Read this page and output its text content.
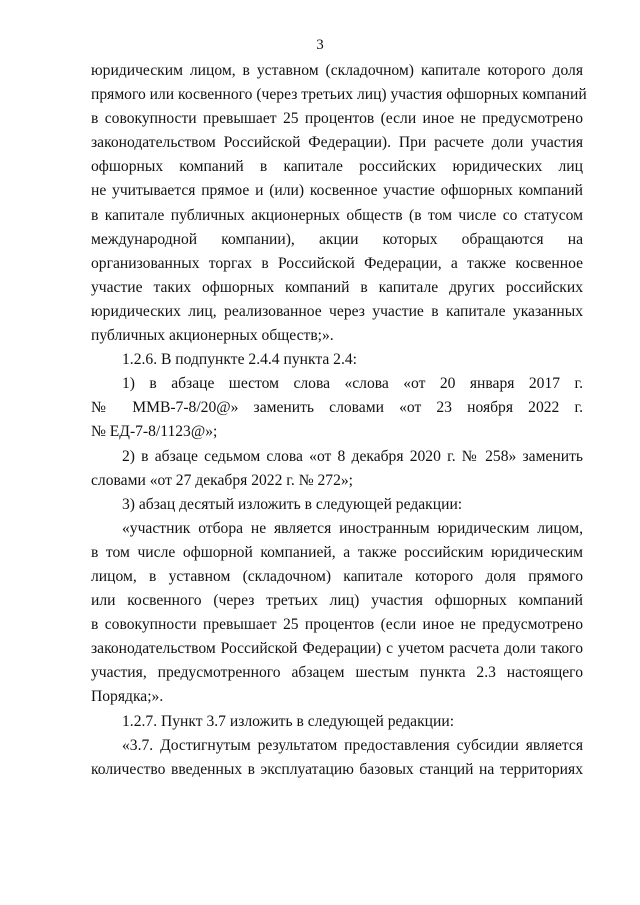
3

юридическим лицом, в уставном (складочном) капитале которого доля

прямого или косвенного (через третьих лиц) участия офшорных компаний

в совокупности превышает 25 процентов (если иное не предусмотрено

законодательством Российской Федерации). При расчете доли участия

офшорных компаний в капитале российских юридических лиц

не учитывается прямое и (или) косвенное участие офшорных компаний

в капитале публичных акционерных обществ (в том числе со статусом

международной компании), акции которых обращаются на

организованных торгах в Российской Федерации, а также косвенное

участие таких офшорных компаний в капитале других российских

юридических лиц, реализованное через участие в капитале указанных

публичных акционерных обществ;».

1.2.6. В подпункте 2.4.4 пункта 2.4:

1) в абзаце шестом слова «слова «от 20 января 2017 г.

№ ММВ-7-8/20@» заменить словами «от 23 ноября 2022 г.

№ ЕД-7-8/1123@»;

2) в абзаце седьмом слова «от 8 декабря 2020 г. № 258» заменить

словами «от 27 декабря 2022 г. № 272»;

3) абзац десятый изложить в следующей редакции:

«участник отбора не является иностранным юридическим лицом,

в том числе офшорной компанией, а также российским юридическим

лицом, в уставном (складочном) капитале которого доля прямого

или косвенного (через третьих лиц) участия офшорных компаний

в совокупности превышает 25 процентов (если иное не предусмотрено

законодательством Российской Федерации) с учетом расчета доли такого

участия, предусмотренного абзацем шестым пункта 2.3 настоящего

Порядка;».

1.2.7. Пункт 3.7 изложить в следующей редакции:

«3.7. Достигнутым результатом предоставления субсидии является

количество введенных в эксплуатацию базовых станций на территориях
